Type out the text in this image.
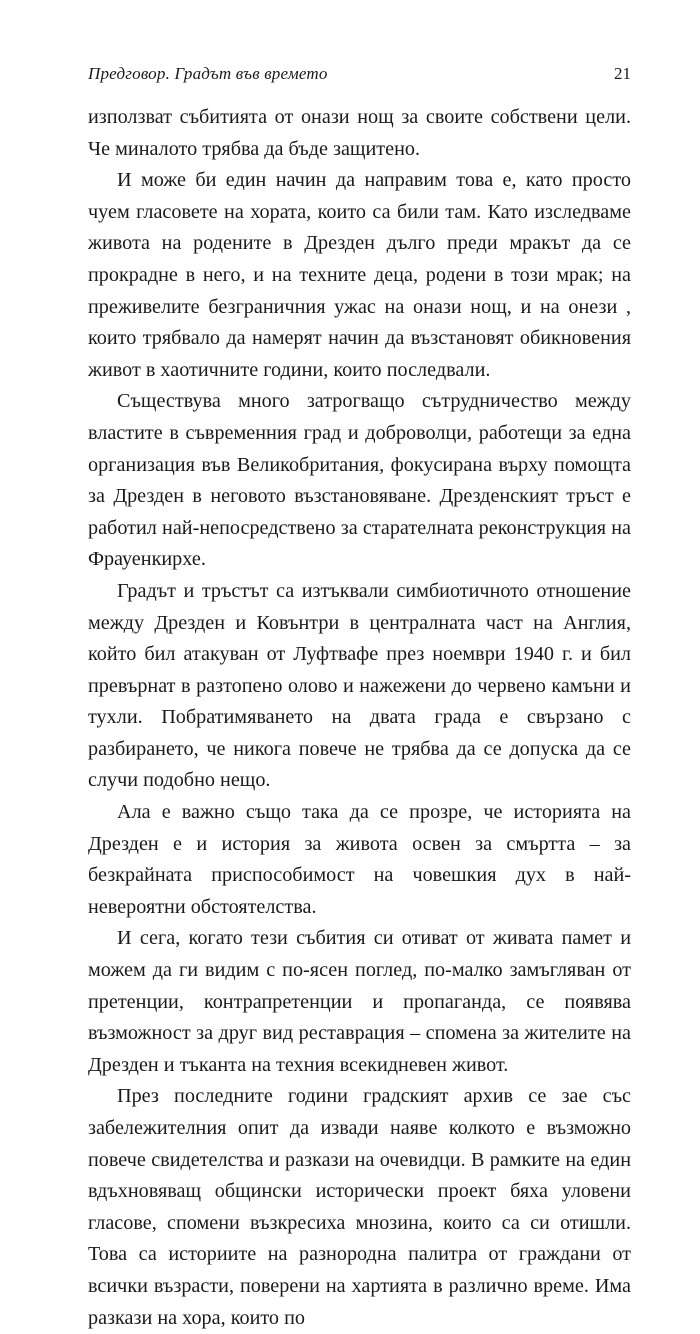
Предговор. Градът във времето	21

използват събитията от онази нощ за своите собствени цели. Че миналото трябва да бъде защитено.

И може би един начин да направим това е, като просто чуем гласовете на хората, които са били там. Като изследваме живота на родените в Дрезден дълго преди мракът да се прокрадне в него, и на техните деца, родени в този мрак; на преживелите безграничния ужас на онази нощ, и на онези , които трябвало да намерят начин да възстановят обикновения живот в хаотичните години, които последвали.

Съществува много затрогващо сътрудничество между властите в съвременния град и доброволци, работещи за една организация във Великобритания, фокусирана върху помощта за Дрезден в неговото възстановяване. Дрезденският тръст е работил най-непосредствено за старателната реконструкция на Фрауенкирхе.

Градът и тръстът са изтъквали симбиотичното отношение между Дрезден и Ковънтри в централната част на Англия, който бил атакуван от Луфтвафе през ноември 1940 г. и бил превърнат в разтопено олово и нажежени до червено камъни и тухли. Побратимяването на двата града е свързано с разбирането, че никога повече не трябва да се допуска да се случи подобно нещо.

Ала е важно също така да се прозре, че историята на Дрезден е и история за живота освен за смъртта – за безкрайната приспособимост на човешкия дух в най-невероятни обстоятелства.

И сега, когато тези събития си отиват от живата памет и можем да ги видим с по-ясен поглед, по-малко замъгляван от претенции, контрапретенции и пропаганда, се появява възможност за друг вид реставрация – спомена за жителите на Дрезден и тъканта на техния всекидневен живот.

През последните години градският архив се зае със забележителния опит да извади наяве колкото е възможно повече свидетелства и разкази на очевидци. В рамките на един вдъхновяващ общински исторически проект бяха уловени гласове, спомени възкресиха мнозина, които са си отишли. Това са историите на разнородна палитра от граждани от всички възрасти, поверени на хартията в различно време. Има разкази на хора, които по
